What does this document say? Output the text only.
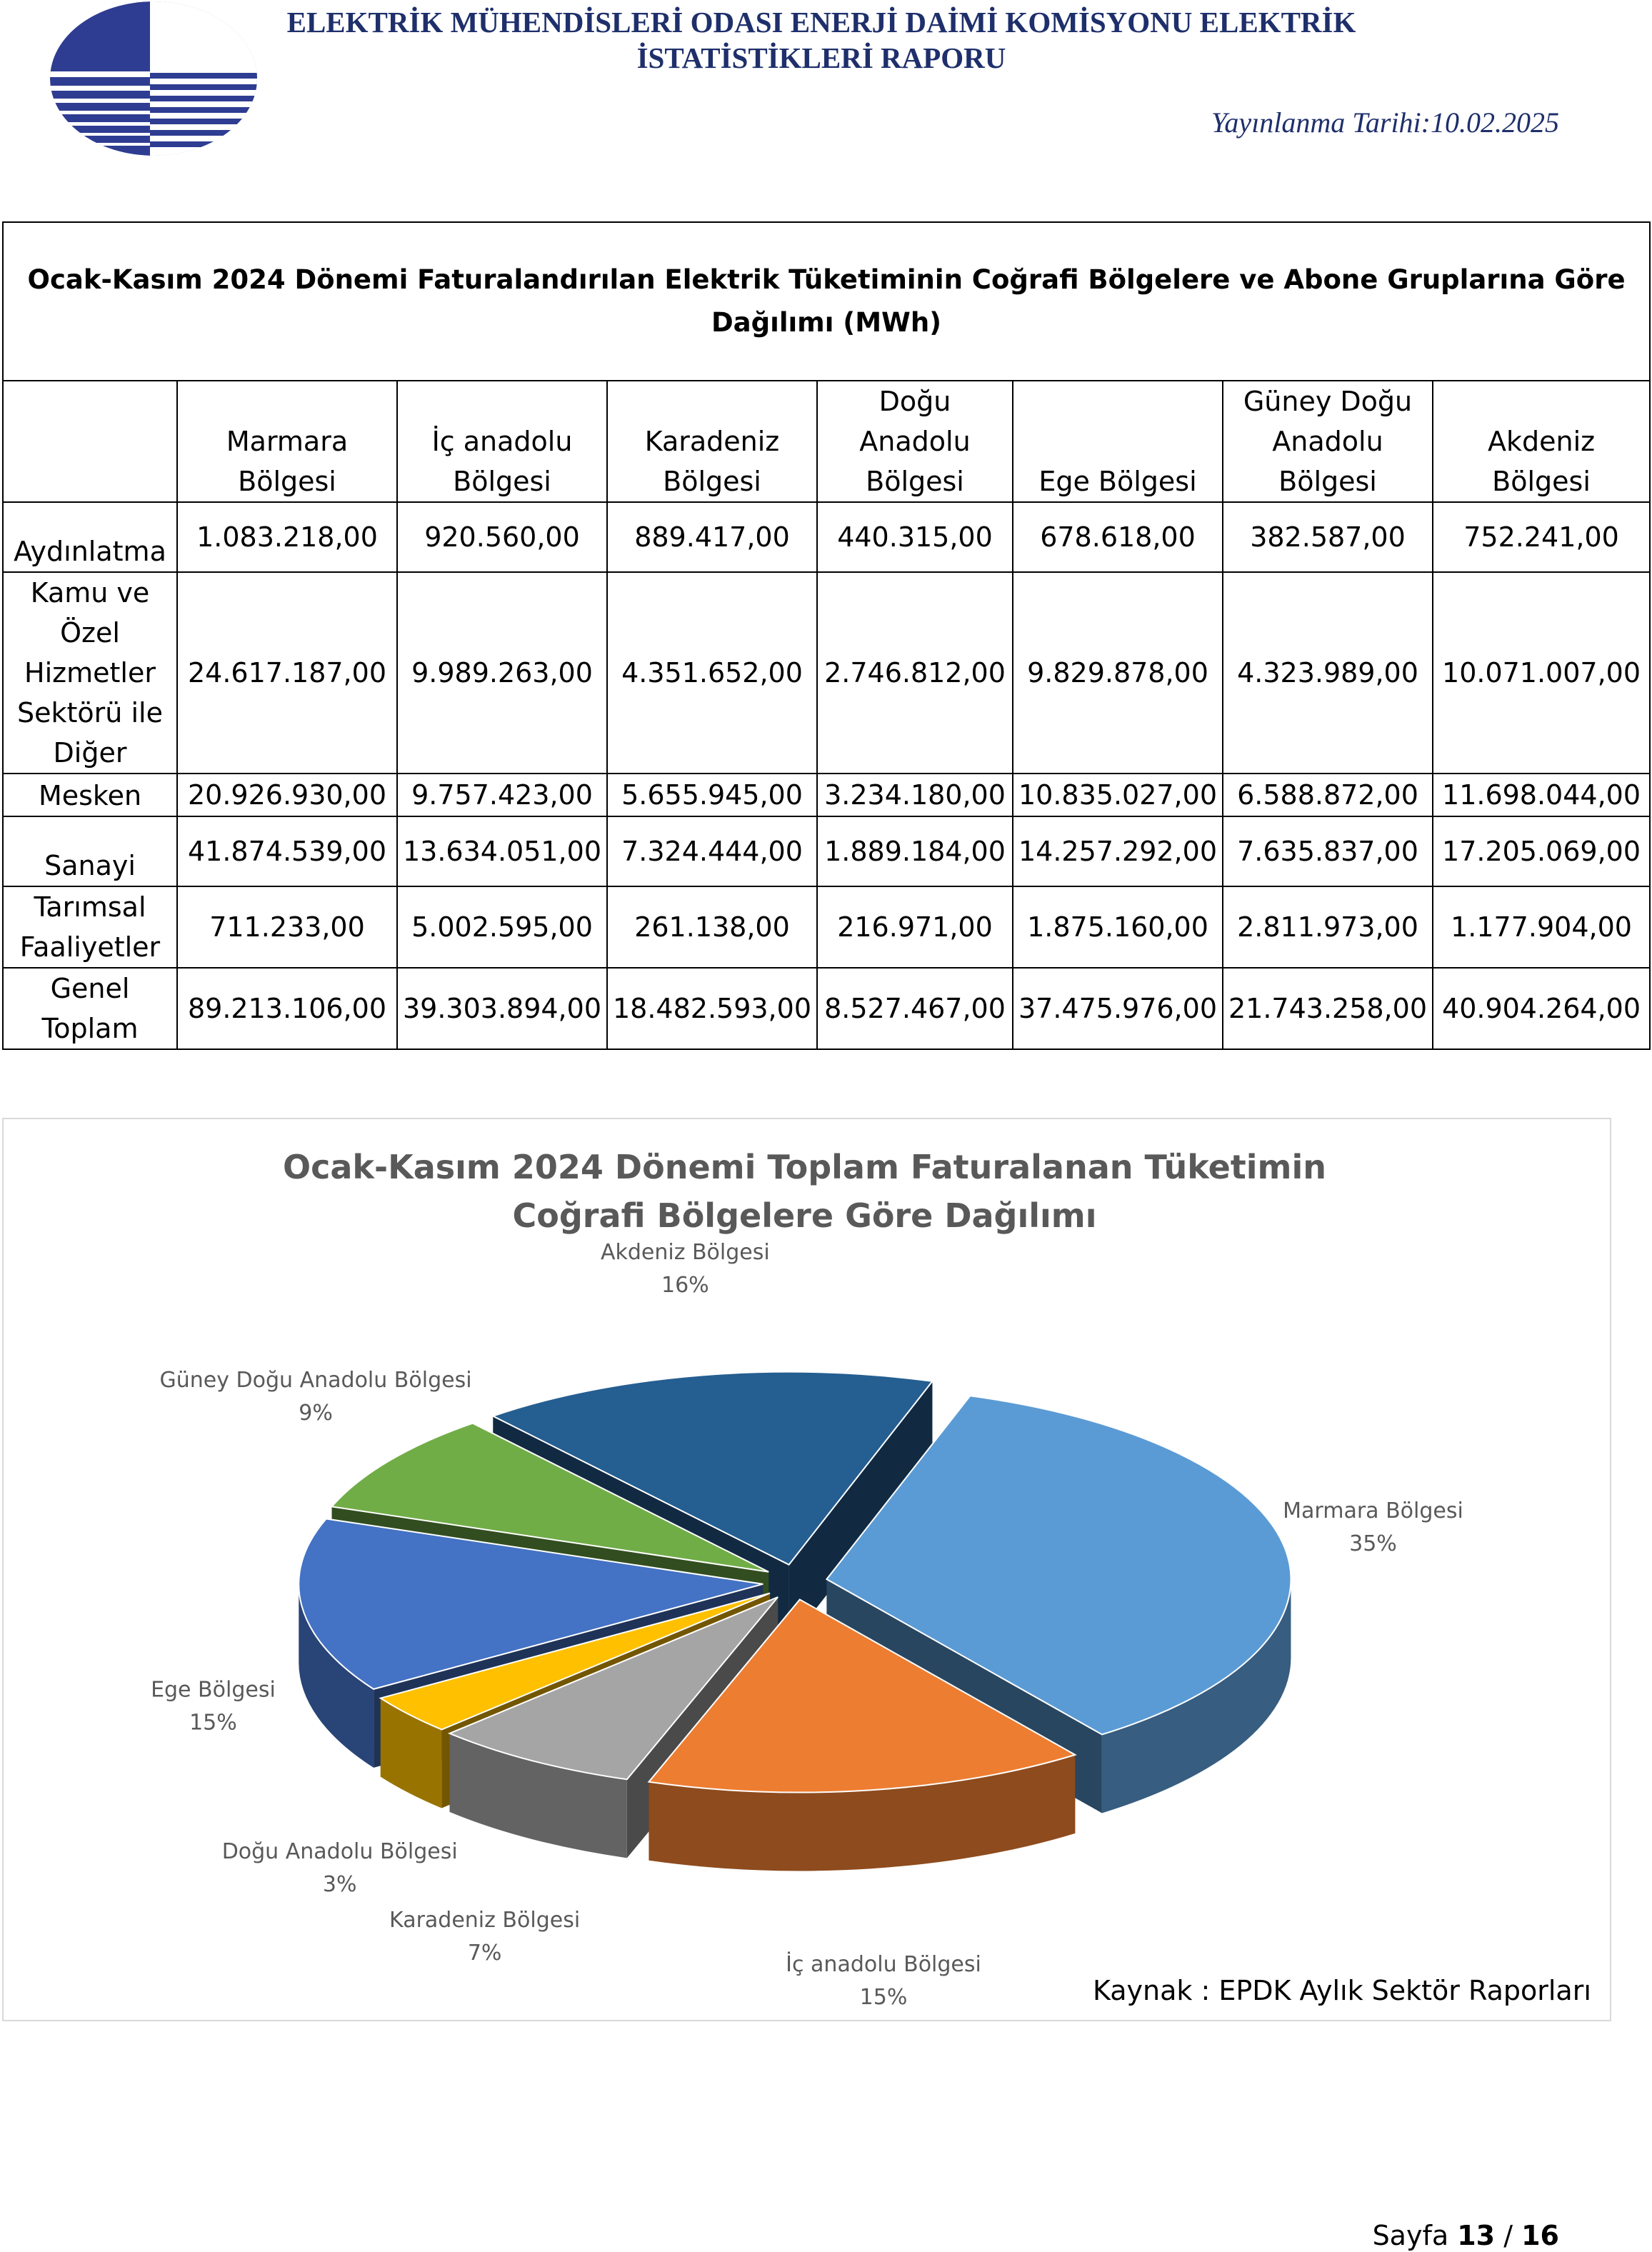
ELEKTRİK MÜHENDİSLERİ ODASI ENERJİ DAİMİ KOMİSYONU ELEKTRİK İSTATİSTİKLERİ RAPORU
Yayınlanma Tarihi:10.02.2025
Ocak-Kasım 2024 Dönemi Faturalandırılan Elektrik Tüketiminin Coğrafi Bölgelere ve Abone Gruplarına Göre Dağılımı (MWh)							
	Marmara Bölgesi	İç anadolu Bölgesi	Karadeniz Bölgesi	Doğu Anadolu Bölgesi	Ege Bölgesi	Güney Doğu Anadolu Bölgesi	Akdeniz Bölgesi
Aydınlatma	1.083.218,00	920.560,00	889.417,00	440.315,00	678.618,00	382.587,00	752.241,00
Kamu ve Özel Hizmetler Sektörü ile Diğer	24.617.187,00	9.989.263,00	4.351.652,00	2.746.812,00	9.829.878,00	4.323.989,00	10.071.007,00
Mesken	20.926.930,00	9.757.423,00	5.655.945,00	3.234.180,00	10.835.027,00	6.588.872,00	11.698.044,00
Sanayi	41.874.539,00	13.634.051,00	7.324.444,00	1.889.184,00	14.257.292,00	7.635.837,00	17.205.069,00
Tarımsal Faaliyetler	711.233,00	5.002.595,00	261.138,00	216.971,00	1.875.160,00	2.811.973,00	1.177.904,00
Genel Toplam	89.213.106,00	39.303.894,00	18.482.593,00	8.527.467,00	37.475.976,00	21.743.258,00	40.904.264,00
Ocak-Kasım 2024 Dönemi Toplam Faturalanan Tüketimin Coğrafi Bölgelere Göre Dağılımı
Marmara Bölgesi 35%
İç anadolu Bölgesi 15%
Karadeniz Bölgesi 7%
Doğu Anadolu Bölgesi 3%
Ege Bölgesi 15%
Güney Doğu Anadolu Bölgesi 9%
Akdeniz Bölgesi 16%
Kaynak : EPDK Aylık Sektör Raporları
Sayfa 13 / 16
